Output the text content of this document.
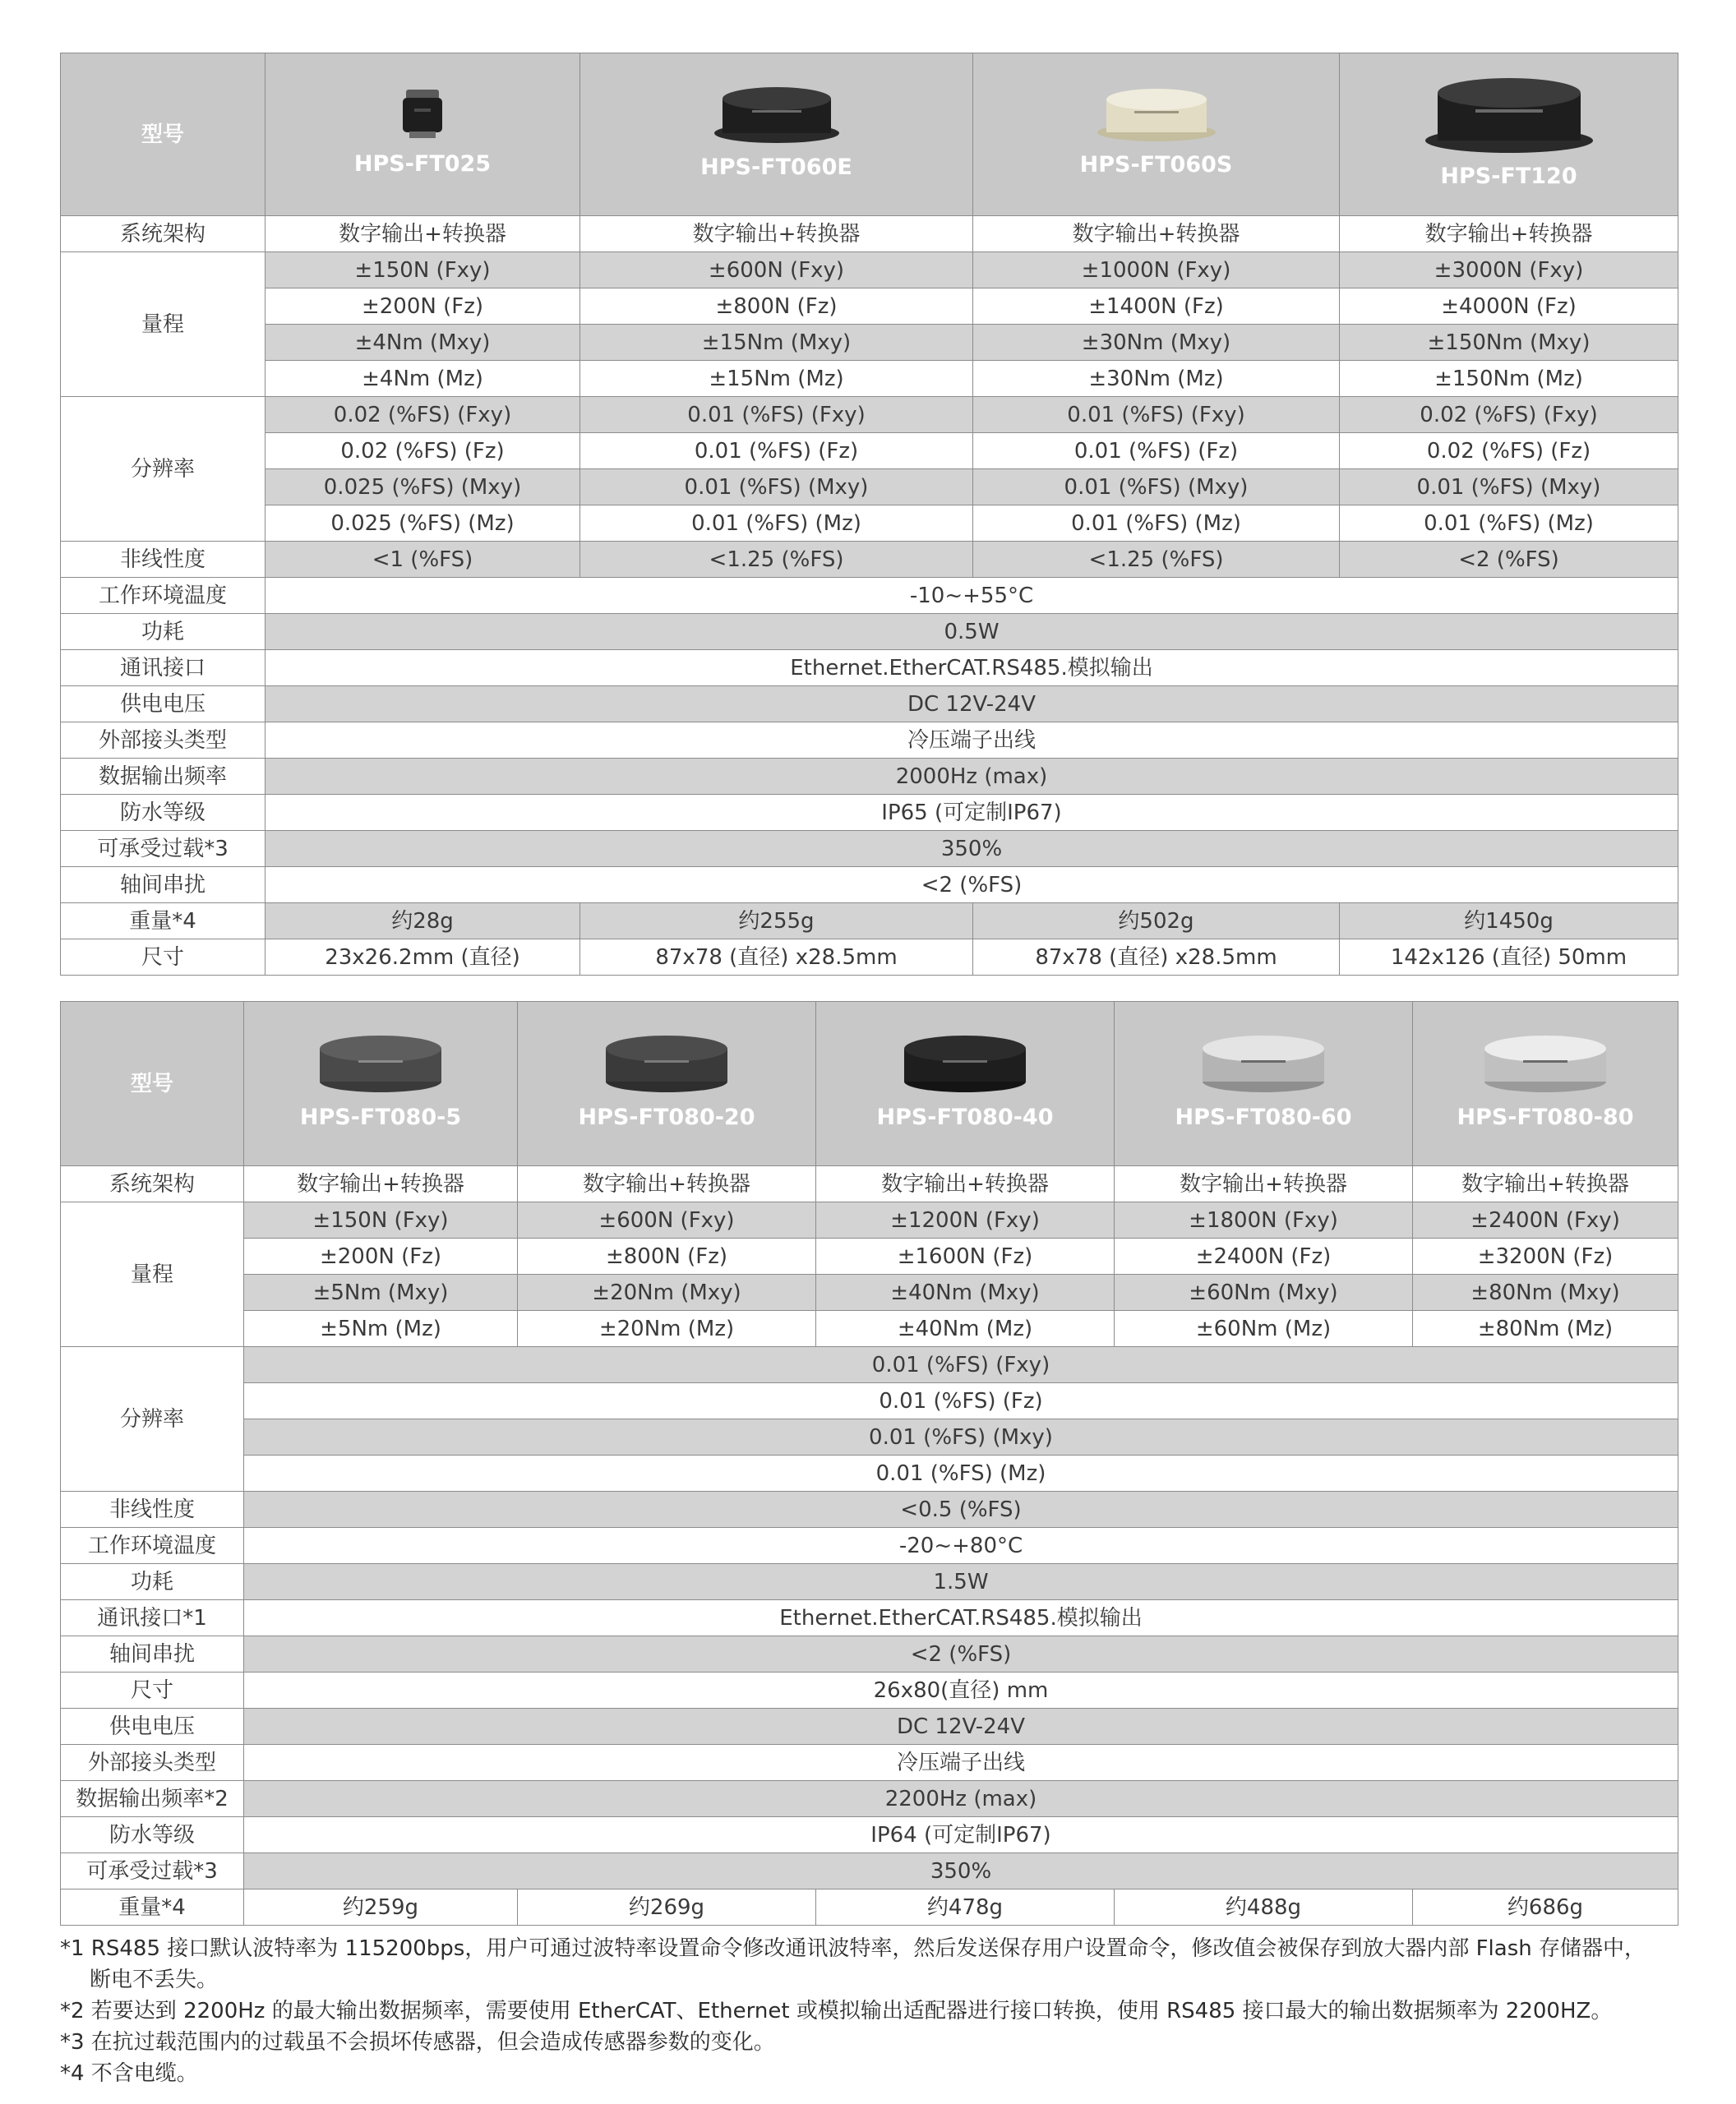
型号	HPS-FT025	HPS-FT060E	HPS-FT060S	HPS-FT120

系统架构	数字输出+转换器	数字输出+转换器	数字输出+转换器	数字输出+转换器
量程	±150N (Fxy)	±600N (Fxy)	±1000N (Fxy)	±3000N (Fxy)
	±200N (Fz)	±800N (Fz)	±1400N (Fz)	±4000N (Fz)
	±4Nm (Mxy)	±15Nm (Mxy)	±30Nm (Mxy)	±150Nm (Mxy)
	±4Nm (Mz)	±15Nm (Mz)	±30Nm (Mz)	±150Nm (Mz)
分辨率	0.02 (%FS) (Fxy)	0.01 (%FS) (Fxy)	0.01 (%FS) (Fxy)	0.02 (%FS) (Fxy)
	0.02 (%FS) (Fz)	0.01 (%FS) (Fz)	0.01 (%FS) (Fz)	0.02 (%FS) (Fz)
	0.025 (%FS) (Mxy)	0.01 (%FS) (Mxy)	0.01 (%FS) (Mxy)	0.01 (%FS) (Mxy)
	0.025 (%FS) (Mz)	0.01 (%FS) (Mz)	0.01 (%FS) (Mz)	0.01 (%FS) (Mz)
非线性度	<1 (%FS)	<1.25 (%FS)	<1.25 (%FS)	<2 (%FS)
工作环境温度	-10~+55°C			
功耗	0.5W			
通讯接口	Ethernet.EtherCAT.RS485.模拟输出			
供电电压	DC 12V-24V			
外部接头类型	冷压端子出线			
数据输出频率	2000Hz (max)			
防水等级	IP65 (可定制IP67)			
可承受过载*3	350%			
轴间串扰	<2 (%FS)			
重量*4	约28g	约255g	约502g	约1450g
尺寸	23x26.2mm (直径)	87x78 (直径) x28.5mm	87x78 (直径) x28.5mm	142x126 (直径) 50mm
型号	HPS-FT080-5	HPS-FT080-20	HPS-FT080-40	HPS-FT080-60	HPS-FT080-80

系统架构	数字输出+转换器	数字输出+转换器	数字输出+转换器	数字输出+转换器	数字输出+转换器
量程	±150N (Fxy)	±600N (Fxy)	±1200N (Fxy)	±1800N (Fxy)	±2400N (Fxy)
	±200N (Fz)	±800N (Fz)	±1600N (Fz)	±2400N (Fz)	±3200N (Fz)
	±5Nm (Mxy)	±20Nm (Mxy)	±40Nm (Mxy)	±60Nm (Mxy)	±80Nm (Mxy)
	±5Nm (Mz)	±20Nm (Mz)	±40Nm (Mz)	±60Nm (Mz)	±80Nm (Mz)
分辨率	0.01 (%FS) (Fxy)				
	0.01 (%FS) (Fz)				
	0.01 (%FS) (Mxy)				
	0.01 (%FS) (Mz)				
非线性度	<0.5 (%FS)				
工作环境温度	-20~+80°C				
功耗	1.5W				
通讯接口*1	Ethernet.EtherCAT.RS485.模拟输出				
轴间串扰	<2 (%FS)				
尺寸	26x80(直径) mm				
供电电压	DC 12V-24V				
外部接头类型	冷压端子出线				
数据输出频率*2	2200Hz (max)				
防水等级	IP64 (可定制IP67)				
可承受过载*3	350%				
重量*4	约259g	约269g	约478g	约488g	约686g
*1 RS485 接口默认波特率为 115200bps，用户可通过波特率设置命令修改通讯波特率，然后发送保存用户设置命令，修改值会被保存到放大器内部 Flash 存储器中，
断电不丢失。
*2 若要达到 2200Hz 的最大输出数据频率，需要使用 EtherCAT、Ethernet 或模拟输出适配器进行接口转换，使用 RS485 接口最大的输出数据频率为 2200HZ。
*3 在抗过载范围内的过载虽不会损坏传感器，但会造成传感器参数的变化。
*4 不含电缆。
